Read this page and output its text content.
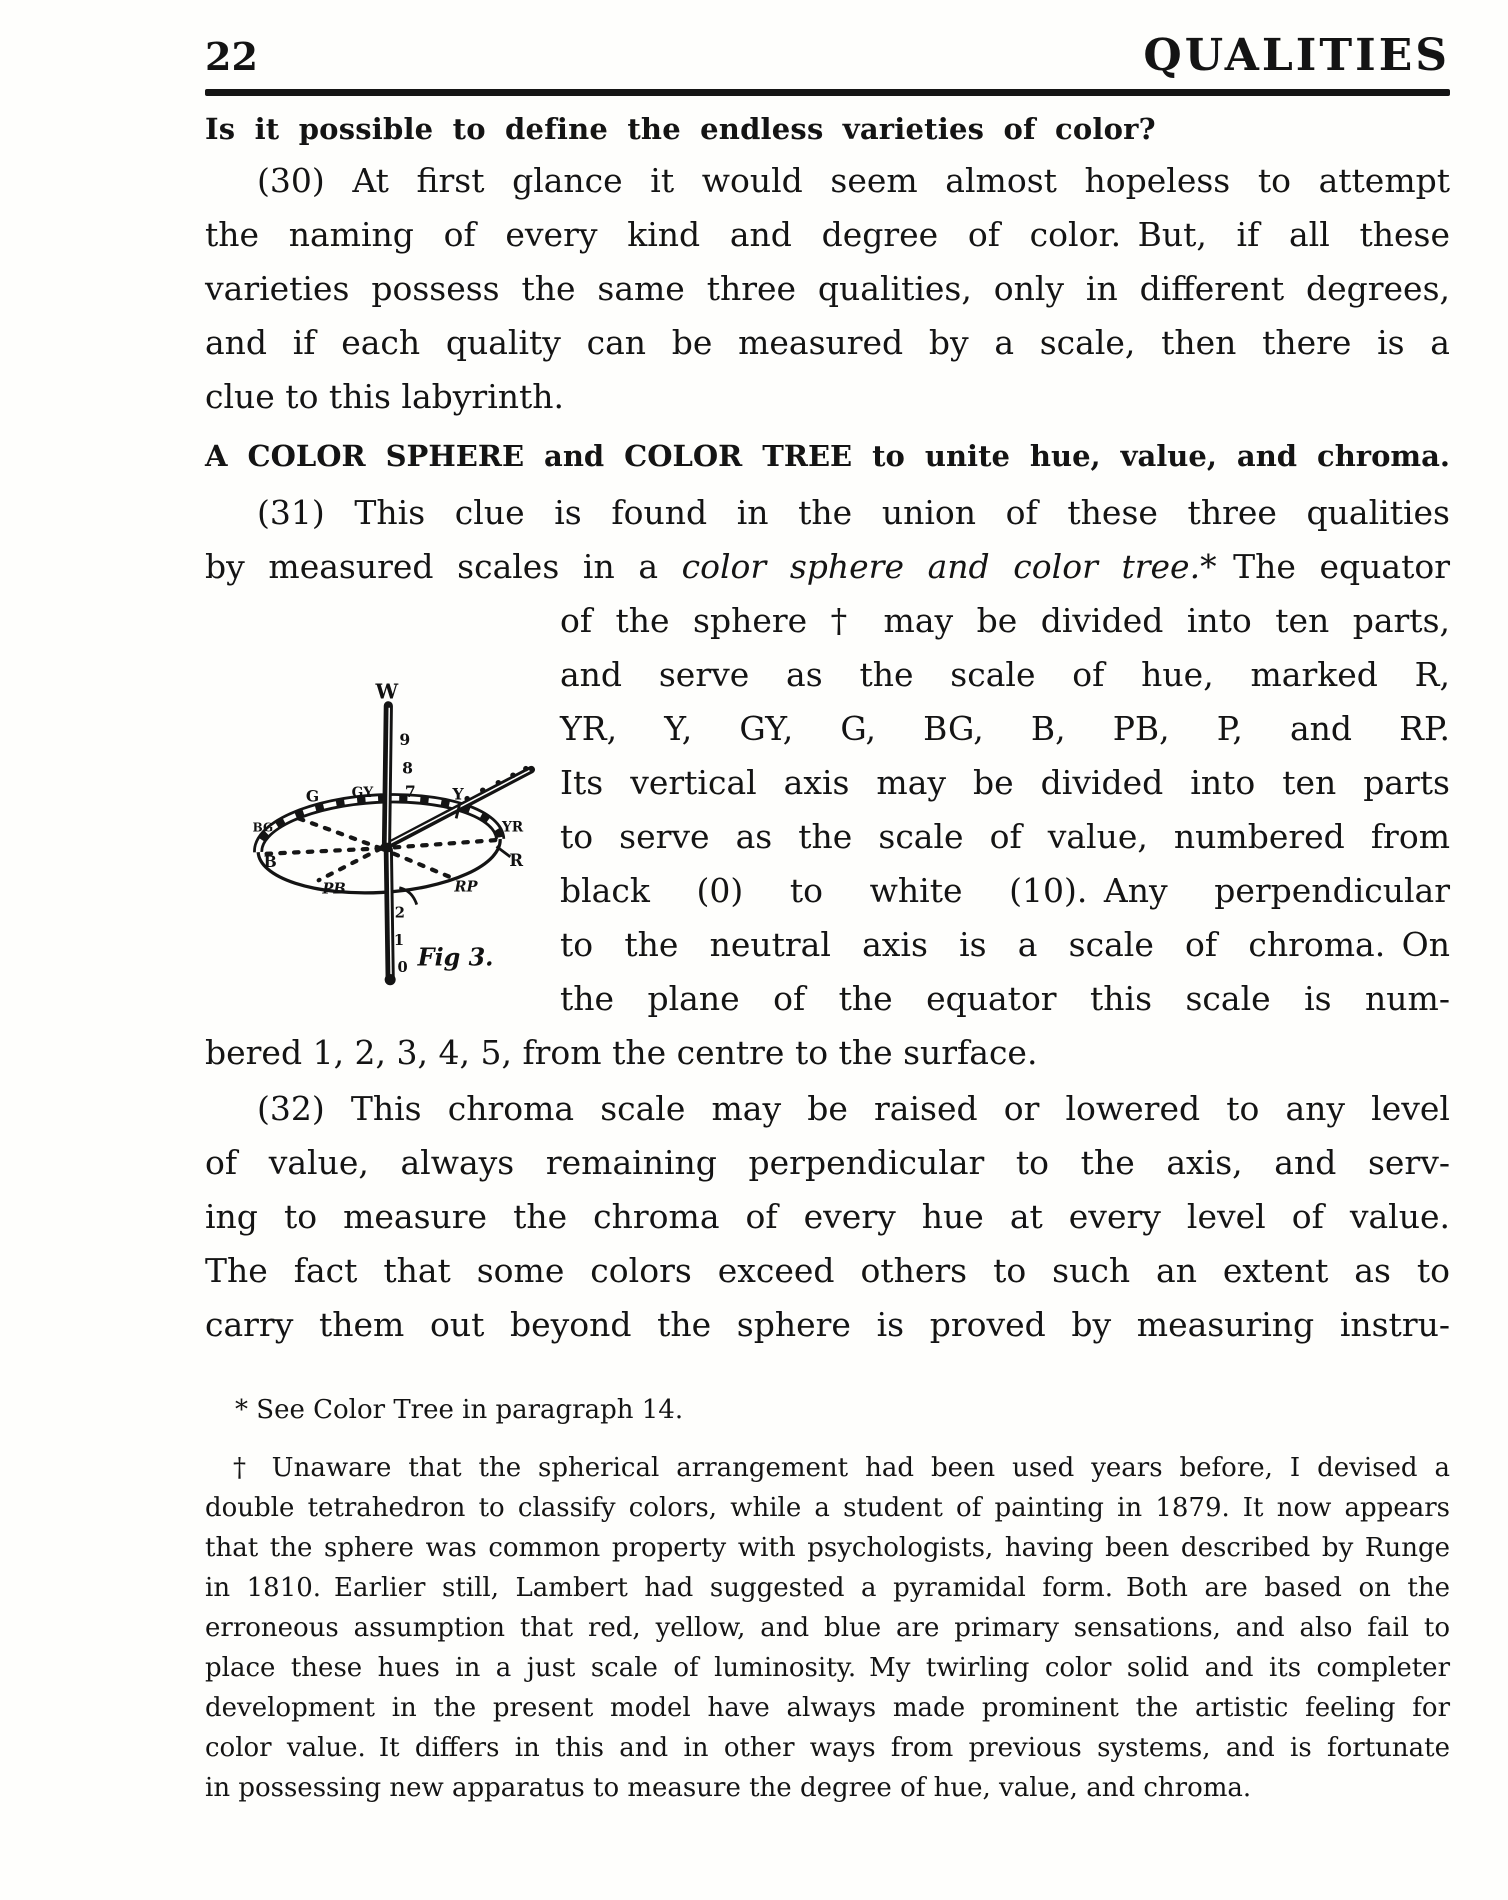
22	QUALITIES
Is it possible to define the endless varieties of color?
(30) At first glance it would seem almost hopeless to attempt
the naming of every kind and degree of color. But, if all these
varieties possess the same three qualities, only in different degrees,
and if each quality can be measured by a scale, then there is a
clue to this labyrinth.
A COLOR SPHERE and COLOR TREE to unite hue, value, and chroma.
(31) This clue is found in the union of these three qualities
by measured scales in a color sphere and color tree.* The equator
W
9
8
7
GY
G
BG
B
PB	RP
Y
YR
R
2
1
0 Fig 3.
of the sphere † may be divided into ten parts,
and serve as the scale of hue, marked R,
YR, Y, GY, G, BG, B, PB, P, and RP.
Its vertical axis may be divided into ten parts
to serve as the scale of value, numbered from
black (0) to white (10). Any perpendicular
to the neutral axis is a scale of chroma. On
the plane of the equator this scale is num-
bered 1, 2, 3, 4, 5, from the centre to the surface.
(32) This chroma scale may be raised or lowered to any level
of value, always remaining perpendicular to the axis, and serv-
ing to measure the chroma of every hue at every level of value.
The fact that some colors exceed others to such an extent as to
carry them out beyond the sphere is proved by measuring instru-
* See Color Tree in paragraph 14.
† Unaware that the spherical arrangement had been used years before, I devised a
double tetrahedron to classify colors, while a student of painting in 1879. It now appears
that the sphere was common property with psychologists, having been described by Runge
in 1810. Earlier still, Lambert had suggested a pyramidal form. Both are based on the
erroneous assumption that red, yellow, and blue are primary sensations, and also fail to
place these hues in a just scale of luminosity. My twirling color solid and its completer
development in the present model have always made prominent the artistic feeling for
color value. It differs in this and in other ways from previous systems, and is fortunate
in possessing new apparatus to measure the degree of hue, value, and chroma.
